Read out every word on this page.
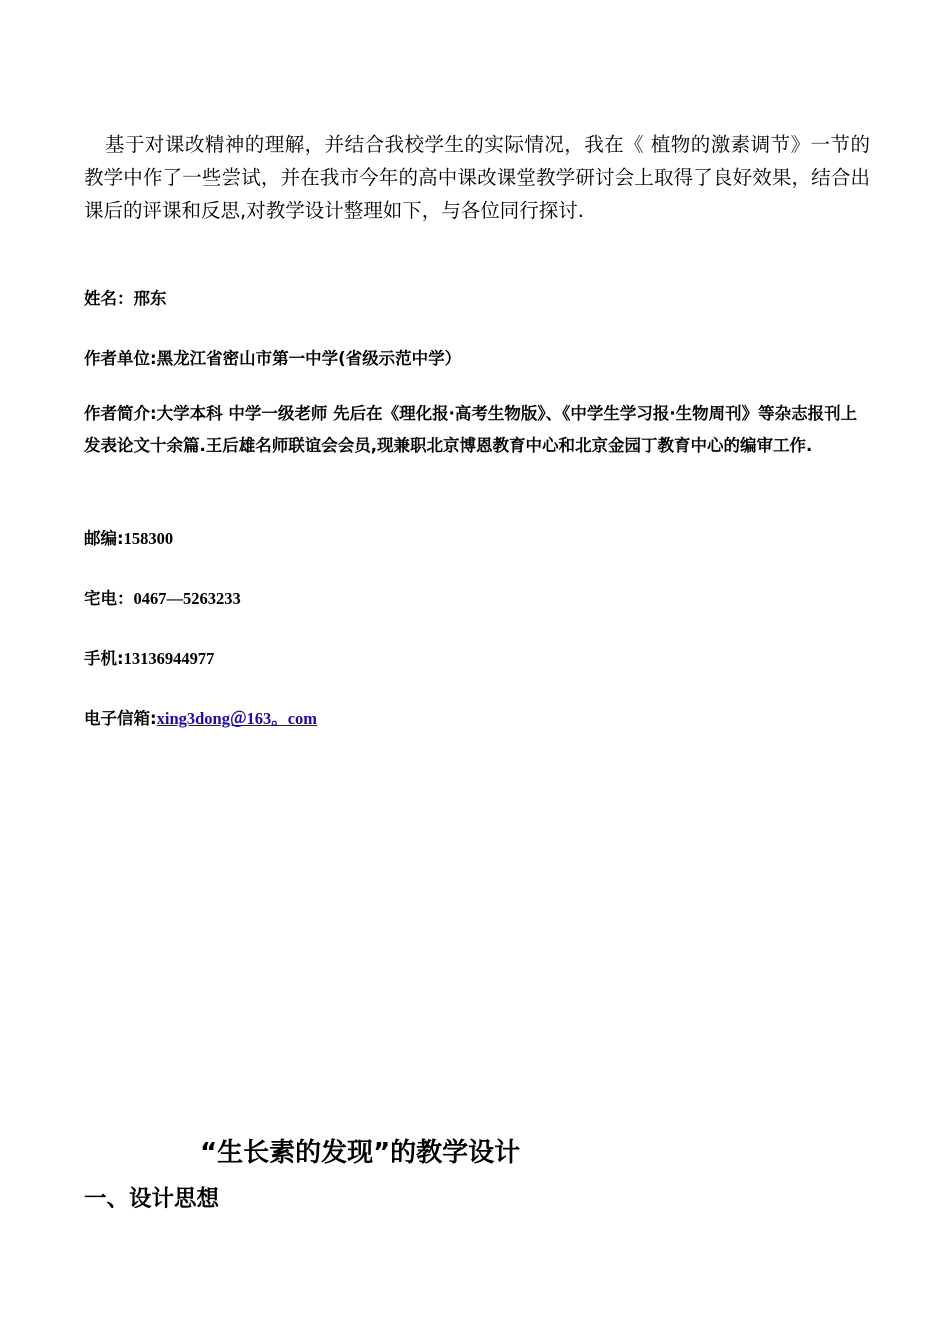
基于对课改精神的理解，并结合我校学生的实际情况，我在《 植物的激素调节》一节的教学中作了一些尝试，并在我市今年的高中课改课堂教学研讨会上取得了良好效果，结合出课后的评课和反思,对教学设计整理如下，与各位同行探讨.

姓名：邢东

作者单位:黑龙江省密山市第一中学(省级示范中学）

作者简介:大学本科 中学一级老师 先后在《理化报·高考生物版》、《中学生学习报·生物周刊》等杂志报刊上发表论文十余篇.王后雄名师联谊会会员,现兼职北京博恩教育中心和北京金园丁教育中心的编审工作.

邮编:158300

宅电：0467—5263233

手机:13136944977

电子信箱:xing3dong＠163。com

“生长素的发现”的教学设计
一、设计思想
